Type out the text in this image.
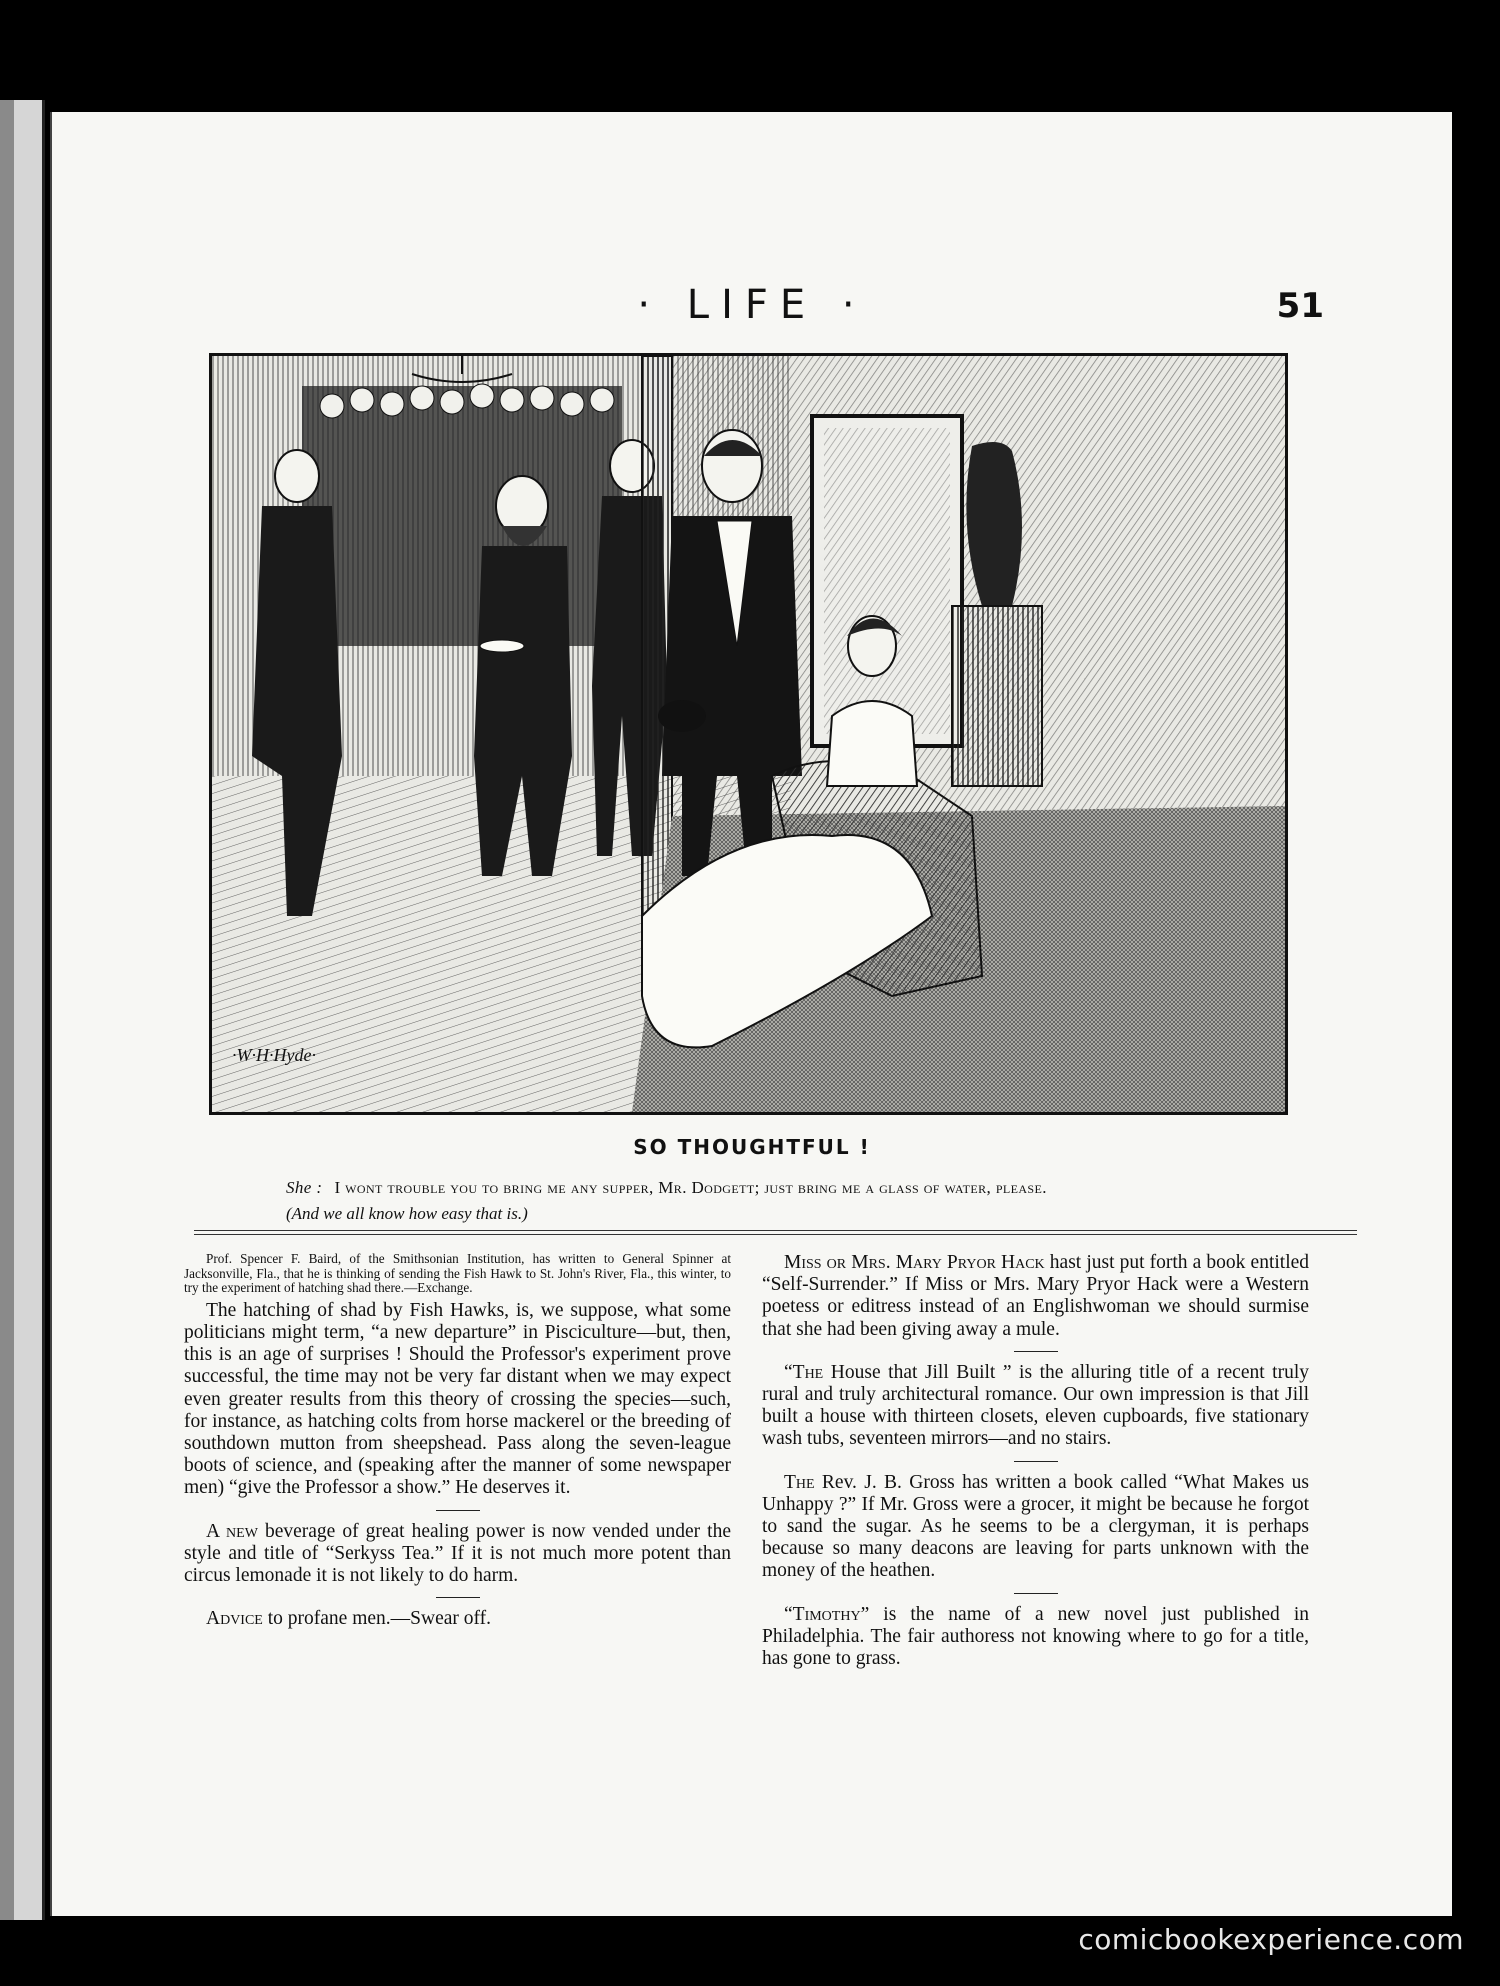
· LIFE ·	51
·W·H·Hyde·
SO THOUGHTFUL !
She : I wont trouble you to bring me any supper, Mr. Dodgett; just bring me a glass of water, please.
(And we all know how easy that is.)

Prof. Spencer F. Baird, of the Smithsonian Institution, has written to General Spinner at Jacksonville, Fla., that he is thinking of sending the Fish Hawk to St. John's River, Fla., this winter, to try the experiment of hatching shad there.—Exchange.

The hatching of shad by Fish Hawks, is, we suppose, what some politicians might term, “a new departure” in Pisciculture—but, then, this is an age of surprises ! Should the Professor's experiment prove successful, the time may not be very far distant when we may expect even greater results from this theory of crossing the species—such, for instance, as hatching colts from horse mackerel or the breeding of southdown mutton from sheepshead. Pass along the seven-league boots of science, and (speaking after the manner of some newspaper men) “give the Professor a show.” He deserves it.

A new beverage of great healing power is now vended under the style and title of “Serkyss Tea.” If it is not much more potent than circus lemonade it is not likely to do harm.

Advice to profane men.—Swear off.

Miss or Mrs. Mary Pryor Hack hast just put forth a book entitled “Self-Surrender.” If Miss or Mrs. Mary Pryor Hack were a Western poetess or editress instead of an Englishwoman we should surmise that she had been giving away a mule.

“The House that Jill Built ” is the alluring title of a recent truly rural and truly architectural romance. Our own impression is that Jill built a house with thirteen closets, eleven cupboards, five stationary wash tubs, seventeen mirrors—and no stairs.

The Rev. J. B. Gross has written a book called “What Makes us Unhappy ?” If Mr. Gross were a grocer, it might be because he forgot to sand the sugar. As he seems to be a clergyman, it is perhaps because so many deacons are leaving for parts unknown with the money of the heathen.

“Timothy” is the name of a new novel just published in Philadelphia. The fair authoress not knowing where to go for a title, has gone to grass.

comicbookexperience.com
